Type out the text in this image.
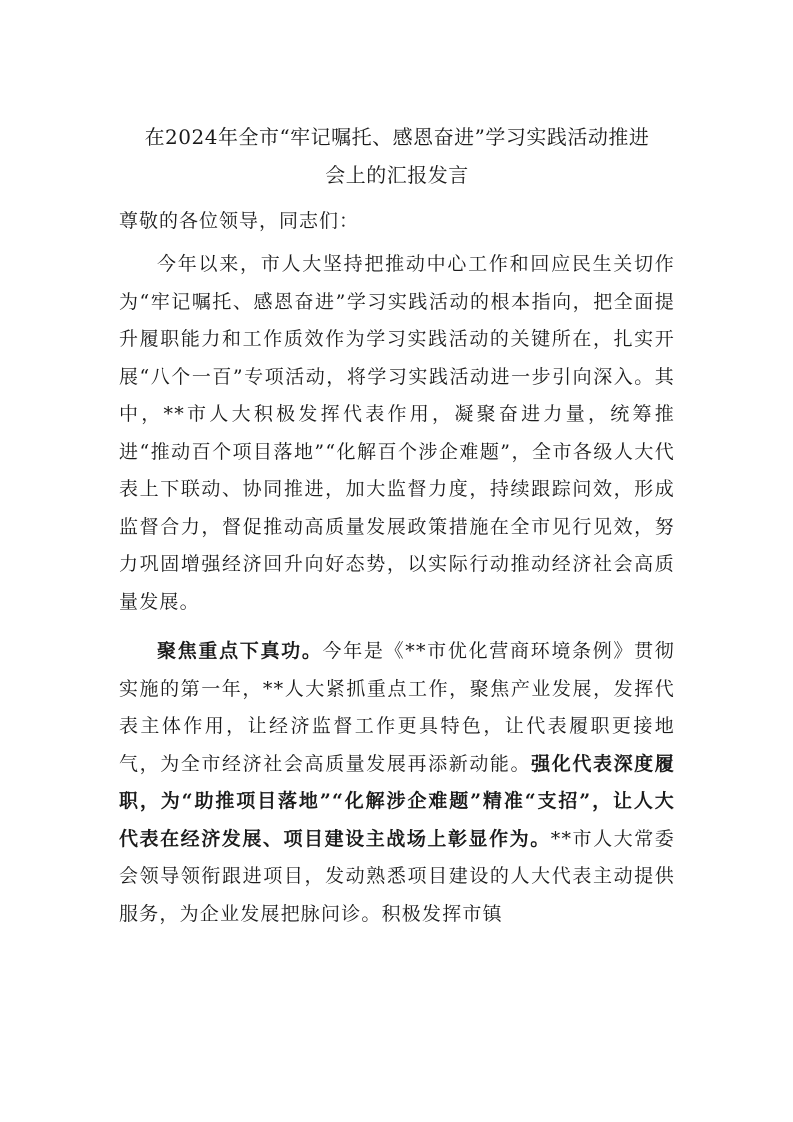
在2024年全市“牢记嘱托、感恩奋进”学习实践活动推进
会上的汇报发言

尊敬的各位领导，同志们：

今年以来，市人大坚持把推动中心工作和回应民生关切作为“牢记嘱托、感恩奋进”学习实践活动的根本指向，把全面提升履职能力和工作质效作为学习实践活动的关键所在，扎实开展“八个一百”专项活动，将学习实践活动进一步引向深入。其中，**市人大积极发挥代表作用，凝聚奋进力量，统筹推进“推动百个项目落地”“化解百个涉企难题”，全市各级人大代表上下联动、协同推进，加大监督力度，持续跟踪问效，形成监督合力，督促推动高质量发展政策措施在全市见行见效，努力巩固增强经济回升向好态势，以实际行动推动经济社会高质量发展。

聚焦重点下真功。今年是《**市优化营商环境条例》贯彻实施的第一年，**人大紧抓重点工作，聚焦产业发展，发挥代表主体作用，让经济监督工作更具特色，让代表履职更接地气，为全市经济社会高质量发展再添新动能。强化代表深度履职，为“助推项目落地”“化解涉企难题”精准“支招”，让人大代表在经济发展、项目建设主战场上彰显作为。**市人大常委会领导领衔跟进项目，发动熟悉项目建设的人大代表主动提供服务，为企业发展把脉问诊。积极发挥市镇
